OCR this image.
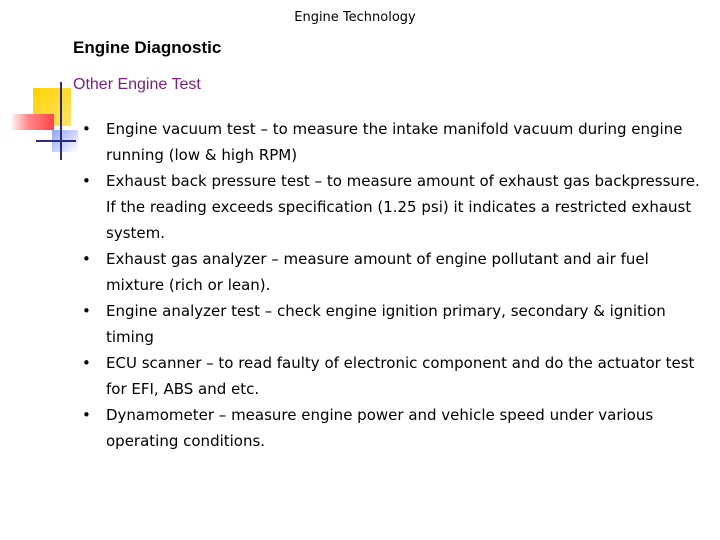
Engine Technology
Engine Diagnostic
Other Engine Test
• Engine vacuum test – to measure the intake manifold vacuum during engine running (low & high RPM)
• Exhaust back pressure test – to measure amount of exhaust gas backpressure. If the reading exceeds specification (1.25 psi) it indicates a restricted exhaust system.
• Exhaust gas analyzer – measure amount of engine pollutant and air fuel mixture (rich or lean).
• Engine analyzer test – check engine ignition primary, secondary & ignition timing
• ECU scanner – to read faulty of electronic component and do the actuator test for EFI, ABS and etc.
• Dynamometer – measure engine power and vehicle speed under various operating conditions.
